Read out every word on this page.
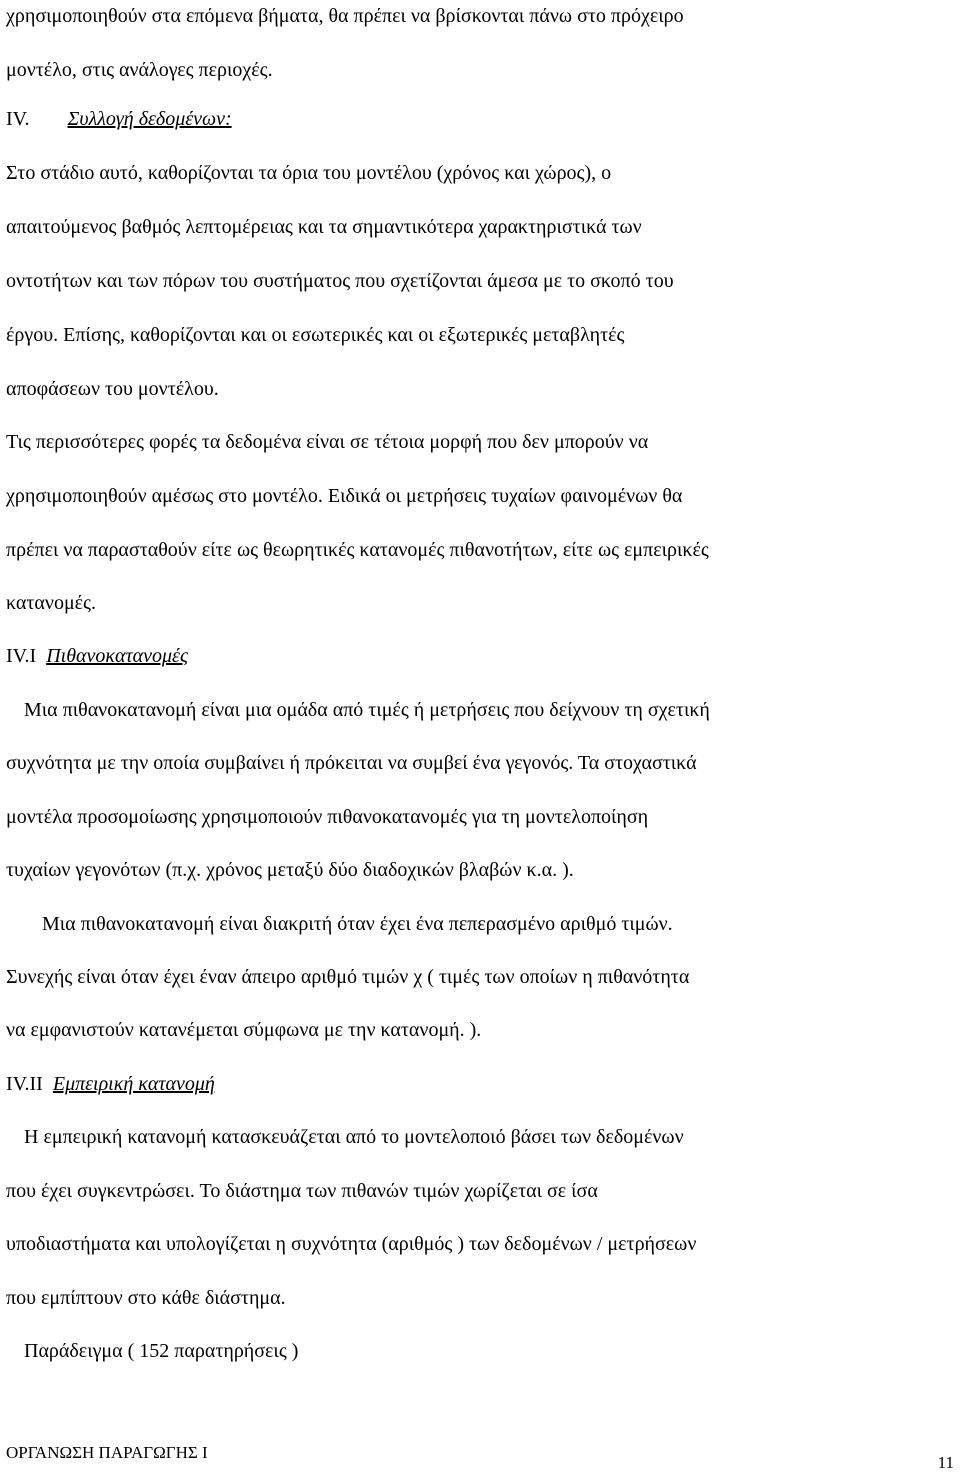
χρησιμοποιηθούν στα επόμενα βήματα, θα πρέπει να βρίσκονται πάνω στο πρόχειρο
μοντέλο, στις ανάλογες περιοχές.
IV. Συλλογή δεδομένων:
Στο στάδιο αυτό, καθορίζονται τα όρια του μοντέλου (χρόνος και χώρος), ο
απαιτούμενος βαθμός λεπτομέρειας και τα σημαντικότερα χαρακτηριστικά των
οντοτήτων και των πόρων του συστήματος που σχετίζονται άμεσα με το σκοπό του
έργου. Επίσης, καθορίζονται και οι εσωτερικές και οι εξωτερικές μεταβλητές
αποφάσεων του μοντέλου.
Τις περισσότερες φορές τα δεδομένα είναι σε τέτοια μορφή που δεν μπορούν να
χρησιμοποιηθούν αμέσως στο μοντέλο. Ειδικά οι μετρήσεις τυχαίων φαινομένων θα
πρέπει να παρασταθούν είτε ως θεωρητικές κατανομές πιθανοτήτων, είτε ως εμπειρικές
κατανομές.
IV.I Πιθανοκατανομές
Μια πιθανοκατανομή είναι μια ομάδα από τιμές ή μετρήσεις που δείχνουν τη σχετική
συχνότητα με την οποία συμβαίνει ή πρόκειται να συμβεί ένα γεγονός. Τα στοχαστικά
μοντέλα προσομοίωσης χρησιμοποιούν πιθανοκατανομές για τη μοντελοποίηση
τυχαίων γεγονότων (π.χ. χρόνος μεταξύ δύο διαδοχικών βλαβών κ.α. ).
Μια πιθανοκατανομή είναι διακριτή όταν έχει ένα πεπερασμένο αριθμό τιμών.
Συνεχής είναι όταν έχει έναν άπειρο αριθμό τιμών χ ( τιμές των οποίων η πιθανότητα
να εμφανιστούν κατανέμεται σύμφωνα με την κατανομή. ).
IV.II Εμπειρική κατανομή
Η εμπειρική κατανομή κατασκευάζεται από το μοντελοποιό βάσει των δεδομένων
που έχει συγκεντρώσει. Το διάστημα των πιθανών τιμών χωρίζεται σε ίσα
υποδιαστήματα και υπολογίζεται η συχνότητα (αριθμός ) των δεδομένων / μετρήσεων
που εμπίπτουν στο κάθε διάστημα.
Παράδειγμα ( 152 παρατηρήσεις )
ΟΡΓΑΝΩΣΗ ΠΑΡΑΓΩΓΗΣ Ι
11
